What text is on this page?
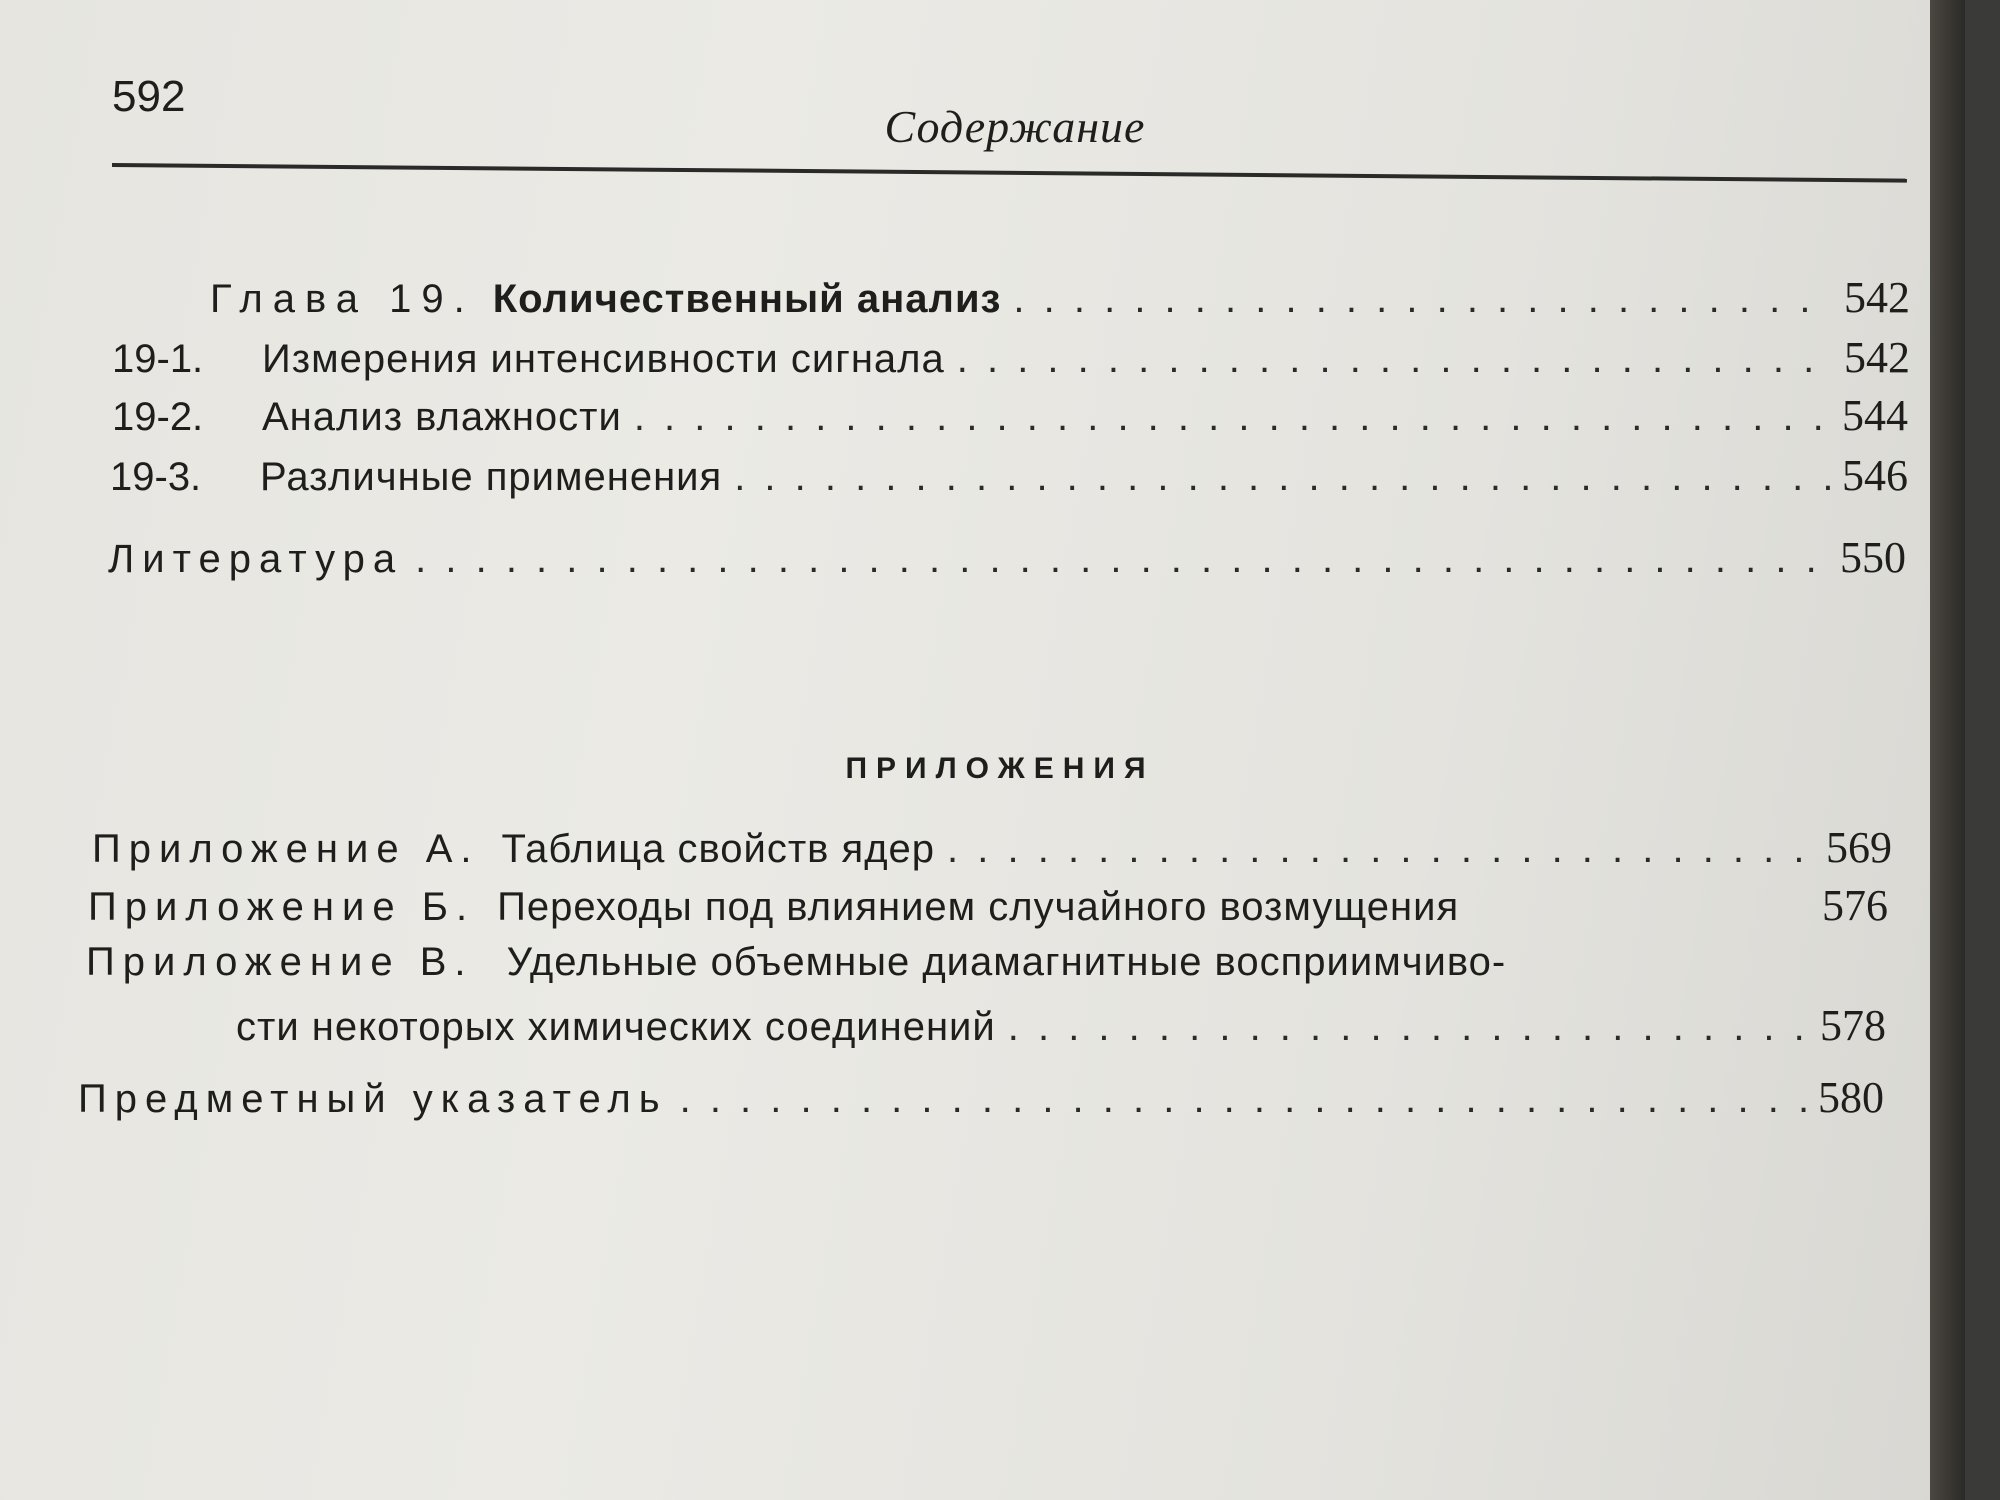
592
Содержание
Глава 19. Количественный анализ . . .	542
19-1.	Измерения интенсивности сигнала . . .	542
19-2.	Анализ влажности . . .	544
19-3.	Различные применения . . .	546
Литература . . .	550
ПРИЛОЖЕНИЯ
Приложение А. Таблица свойств ядер . . .	569
Приложение Б. Переходы под влиянием случайного возмущения	576
Приложение В. Удельные объемные диамагнитные восприимчиво-
сти некоторых химических соединений . . .	578
Предметный указатель . . .	580
